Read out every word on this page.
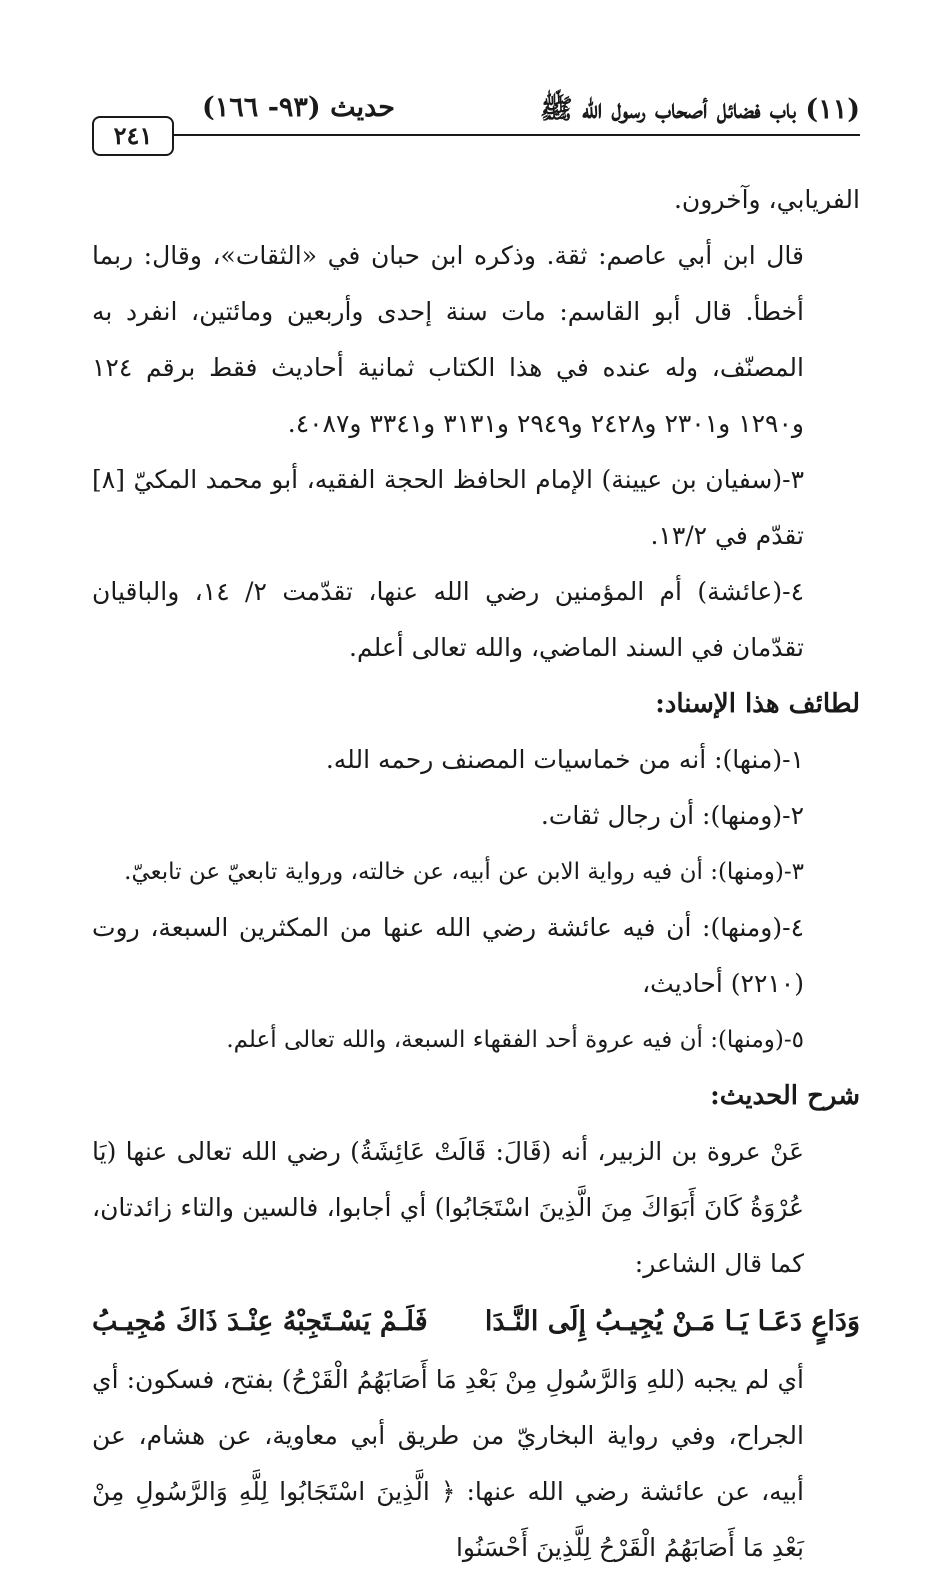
(١١) باب فضائل أصحاب رسول الله ﷺ
حديث (٩٣- ١٦٦)
٢٤١

الفريابي، وآخرون.

قال ابن أبي عاصم: ثقة. وذكره ابن حبان في «الثقات»، وقال: ربما أخطأ. قال أبو القاسم: مات سنة إحدى وأربعين ومائتين، انفرد به المصنّف، وله عنده في هذا الكتاب ثمانية أحاديث فقط برقم ١٢٤ و١٢٩٠ و٢٣٠١ و٢٤٢٨ و٢٩٤٩ و٣١٣١ و٣٣٤١ و٤٠٨٧.

٣-(سفيان بن عيينة) الإمام الحافظ الحجة الفقيه، أبو محمد المكيّ [٨] تقدّم في ١٣/٢.

٤-(عائشة) أم المؤمنين رضي الله عنها، تقدّمت ٢/ ١٤، والباقيان تقدّمان في السند الماضي، والله تعالى أعلم.

لطائف هذا الإسناد:

١-(منها): أنه من خماسيات المصنف رحمه الله.

٢-(ومنها): أن رجال ثقات.

٣-(ومنها): أن فيه رواية الابن عن أبيه، عن خالته، ورواية تابعيّ عن تابعيّ.

٤-(ومنها): أن فيه عائشة رضي الله عنها من المكثرين السبعة، روت (٢٢١٠) أحاديث،

٥-(ومنها): أن فيه عروة أحد الفقهاء السبعة، والله تعالى أعلم.

شرح الحديث:

عَنْ عروة بن الزبير، أنه (قَالَ: قَالَتْ عَائِشَةُ) رضي الله تعالى عنها (يَا عُرْوَةُ كَانَ أَبَوَاكَ مِنَ الَّذِينَ اسْتَجَابُوا) أي أجابوا، فالسين والتاء زائدتان، كما قال الشاعر:

وَدَاعٍ دَعَـا يَـا مَـنْ يُجِيـبُ إِلَى النَّـدَا
فَلَـمْ يَسْـتَجِبْهُ عِنْـدَ ذَاكَ مُجِيـبُ

أي لم يجبه (للهِ وَالرَّسُولِ مِنْ بَعْدِ مَا أَصَابَهُمُ الْقَرْحُ) بفتح، فسكون: أي الجراح، وفي رواية البخاريّ من طريق أبي معاوية، عن هشام، عن أبيه، عن عائشة رضي الله عنها: ﴿ الَّذِينَ اسْتَجَابُوا لِلَّهِ وَالرَّسُولِ مِنْ بَعْدِ مَا أَصَابَهُمُ الْقَرْحُ لِلَّذِينَ أَحْسَنُوا
